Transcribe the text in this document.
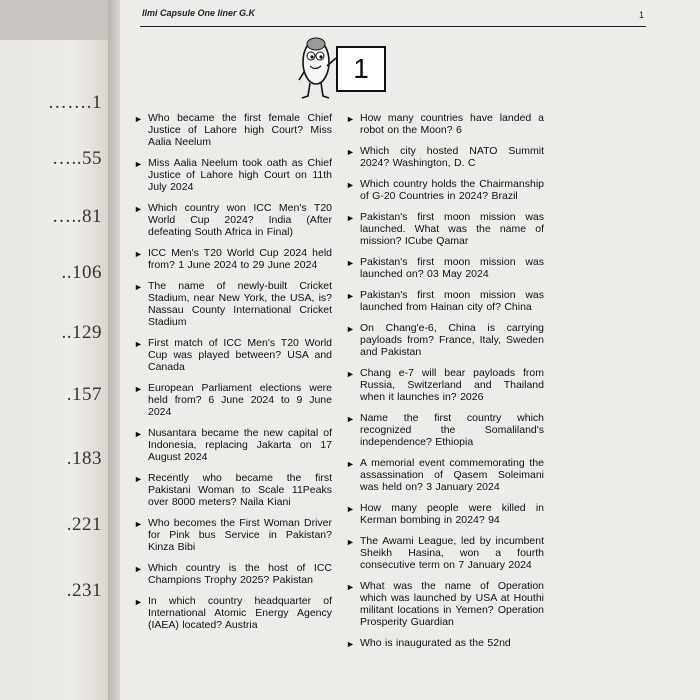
…….1
…..55
…..81
..106
..129
.157
.183
.221
.231
Ilmi Capsule One liner G.K	1
1
► Who became the first female Chief Justice of Lahore high Court? Miss Aalia Neelum
► Miss Aalia Neelum took oath as Chief Justice of Lahore high Court on 11th July 2024
► Which country won ICC Men's T20 World Cup 2024? India (After defeating South Africa in Final)
► ICC Men's T20 World Cup 2024 held from? 1 June 2024 to 29 June 2024
► The name of newly-built Cricket Stadium, near New York, the USA, is? Nassau County International Cricket Stadium
► First match of ICC Men's T20 World Cup was played between? USA and Canada
► European Parliament elections were held from? 6 June 2024 to 9 June 2024
► Nusantara became the new capital of Indonesia, replacing Jakarta on 17 August 2024
► Recently who became the first Pakistani Woman to Scale 11Peaks over 8000 meters? Naila Kiani
► Who becomes the First Woman Driver for Pink bus Service in Pakistan? Kinza Bibi
► Which country is the host of ICC Champions Trophy 2025? Pakistan
► In which country headquarter of International Atomic Energy Agency (IAEA) located? Austria
► How many countries have landed a robot on the Moon? 6
► Which city hosted NATO Summit 2024? Washington, D. C
► Which country holds the Chairmanship of G-20 Countries in 2024? Brazil
► Pakistan's first moon mission was launched. What was the name of mission? ICube Qamar
► Pakistan's first moon mission was launched on? 03 May 2024
► Pakistan's first moon mission was launched from Hainan city of? China
► On Chang'e-6, China is carrying payloads from? France, Italy, Sweden and Pakistan
► Chang e-7 will bear payloads from Russia, Switzerland and Thailand when it launches in? 2026
► Name the first country which recognized the Somaliland's independence? Ethiopia
► A memorial event commemorating the assassination of Qasem Soleimani was held on? 3 January 2024
► How many people were killed in Kerman bombing in 2024? 94
► The Awami League, led by incumbent Sheikh Hasina, won a fourth consecutive term on 7 January 2024
► What was the name of Operation which was launched by USA at Houthi militant locations in Yemen? Operation Prosperity Guardian
► Who is inaugurated as the 52nd
